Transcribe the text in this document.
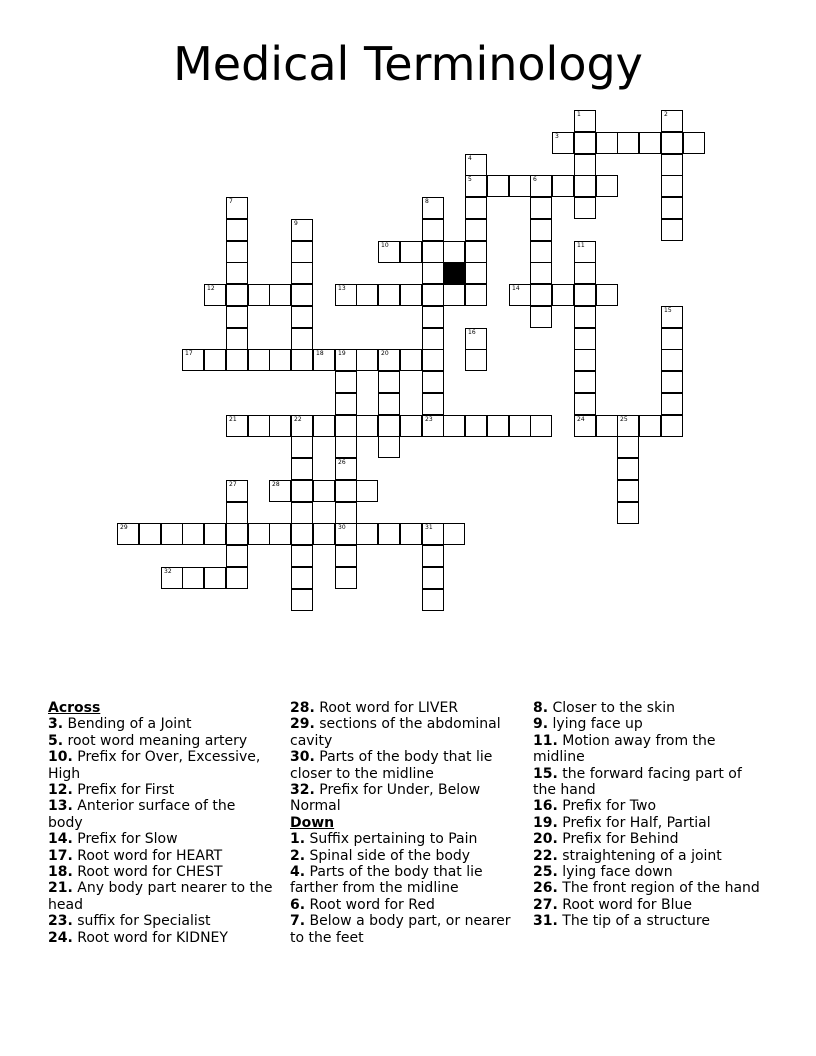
Medical Terminology
3
5	6
10
12	13	14
17	18 19	20
21	22	23	24	25
28
29	30	31
32
1	2
4
7	8
9
11
15
16
26
27
Across
3. Bending of a Joint
5. root word meaning artery
10. Prefix for Over, Excessive, High
12. Prefix for First
13. Anterior surface of the body
14. Prefix for Slow
17. Root word for HEART
18. Root word for CHEST
21. Any body part nearer to the head
23. suffix for Specialist
24. Root word for KIDNEY
28. Root word for LIVER
29. sections of the abdominal cavity
30. Parts of the body that lie closer to the midline
32. Prefix for Under, Below Normal
Down
1. Suffix pertaining to Pain
2. Spinal side of the body
4. Parts of the body that lie farther from the midline
6. Root word for Red
7. Below a body part, or nearer to the feet
8. Closer to the skin
9. lying face up
11. Motion away from the midline
15. the forward facing part of the hand
16. Prefix for Two
19. Prefix for Half, Partial
20. Prefix for Behind
22. straightening of a joint
25. lying face down
26. The front region of the hand
27. Root word for Blue
31. The tip of a structure
